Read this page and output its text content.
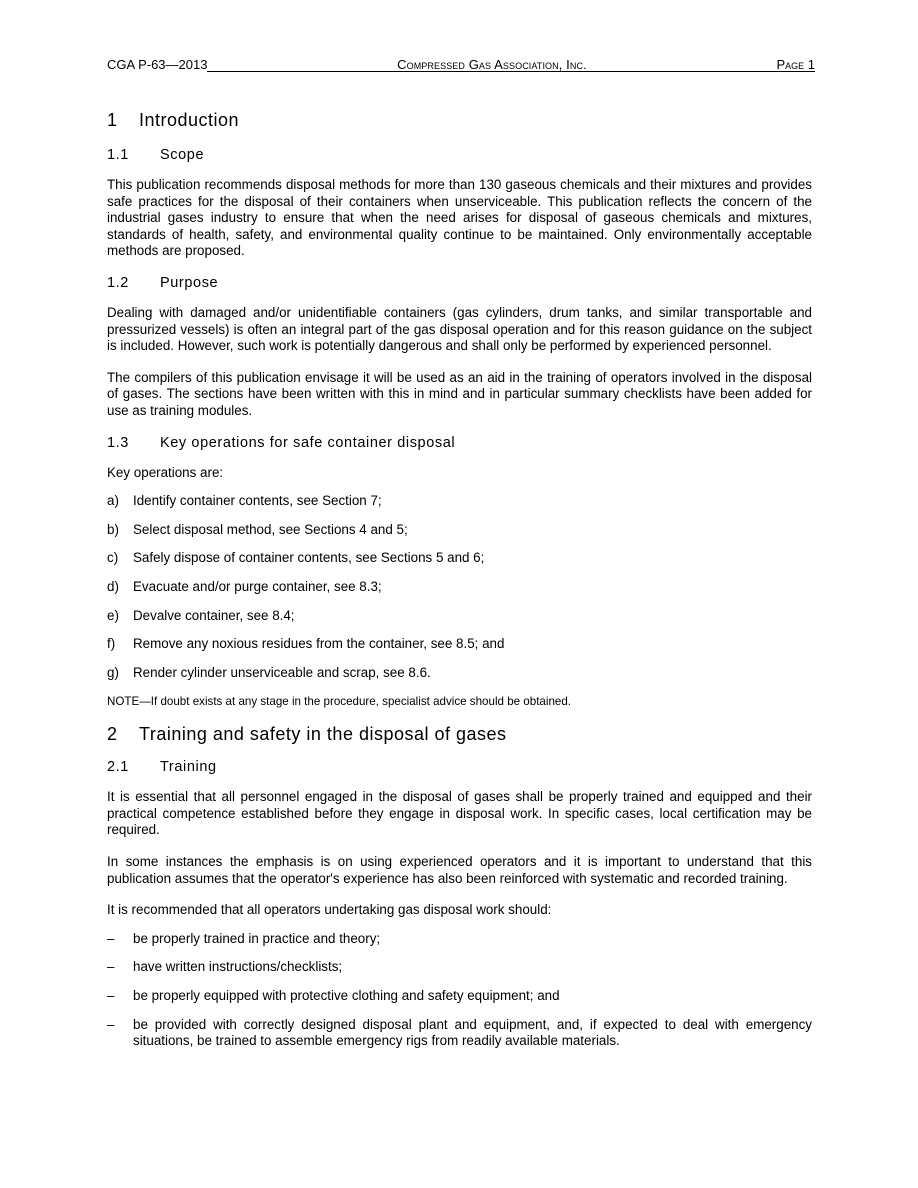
CGA P-63—2013	Compressed Gas Association, Inc.	Page 1
1 Introduction
1.1 Scope

This publication recommends disposal methods for more than 130 gaseous chemicals and their mixtures and provides safe practices for the disposal of their containers when unserviceable. This publication reflects the concern of the industrial gases industry to ensure that when the need arises for disposal of gaseous chemicals and mixtures, standards of health, safety, and environmental quality continue to be maintained. Only environmentally acceptable methods are proposed.

1.2 Purpose

Dealing with damaged and/or unidentifiable containers (gas cylinders, drum tanks, and similar transportable and pressurized vessels) is often an integral part of the gas disposal operation and for this reason guidance on the subject is included. However, such work is potentially dangerous and shall only be performed by experienced personnel.

The compilers of this publication envisage it will be used as an aid in the training of operators involved in the disposal of gases. The sections have been written with this in mind and in particular summary checklists have been added for use as training modules.

1.3 Key operations for safe container disposal

Key operations are:

a)	Identify container contents, see Section 7;
b)	Select disposal method, see Sections 4 and 5;
c)	Safely dispose of container contents, see Sections 5 and 6;
d)	Evacuate and/or purge container, see 8.3;
e)	Devalve container, see 8.4;
f)	Remove any noxious residues from the container, see 8.5; and
g)	Render cylinder unserviceable and scrap, see 8.6.

NOTE—If doubt exists at any stage in the procedure, specialist advice should be obtained.

2 Training and safety in the disposal of gases
2.1 Training

It is essential that all personnel engaged in the disposal of gases shall be properly trained and equipped and their practical competence established before they engage in disposal work. In specific cases, local certification may be required.

In some instances the emphasis is on using experienced operators and it is important to understand that this publication assumes that the operator's experience has also been reinforced with systematic and recorded training.

It is recommended that all operators undertaking gas disposal work should:

–	be properly trained in practice and theory;
–	have written instructions/checklists;
–	be properly equipped with protective clothing and safety equipment; and
–	be provided with correctly designed disposal plant and equipment, and, if expected to deal with emergency situations, be trained to assemble emergency rigs from readily available materials.
